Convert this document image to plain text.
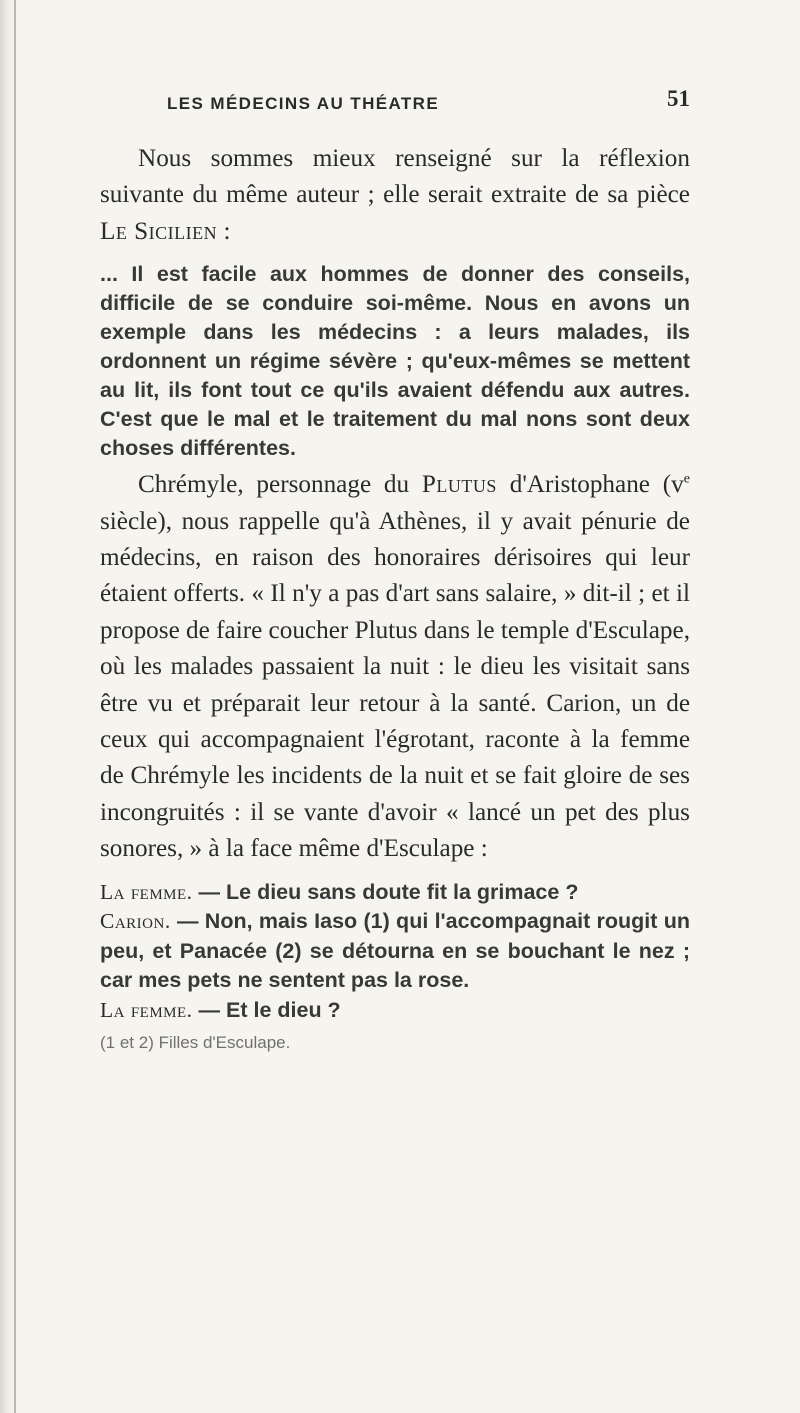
LES MÉDECINS AU THÉATRE	51

Nous sommes mieux renseigné sur la réflexion suivante du même auteur ; elle serait extraite de sa pièce Le Sicilien :

... Il est facile aux hommes de donner des conseils, difficile de se conduire soi-même. Nous en avons un exemple dans les médecins : a leurs malades, ils ordonnent un régime sévère ; qu'eux-mêmes se mettent au lit, ils font tout ce qu'ils avaient défendu aux autres. C'est que le mal et le traitement du mal nons sont deux choses différentes.

Chrémyle, personnage du Plutus d'Aristophane ($v^e$ siècle), nous rappelle qu'à Athènes, il y avait pénurie de médecins, en raison des honoraires dérisoires qui leur étaient offerts. « Il n'y a pas d'art sans salaire, » dit-il ; et il propose de faire coucher Plutus dans le temple d'Esculape, où les malades passaient la nuit : le dieu les visitait sans être vu et préparait leur retour à la santé. Carion, un de ceux qui accompagnaient l'égrotant, raconte à la femme de Chrémyle les incidents de la nuit et se fait gloire de ses incongruités : il se vante d'avoir « lancé un pet des plus sonores, » à la face même d'Esculape :

La femme. — Le dieu sans doute fit la grimace ?

Carion. — Non, mais Iaso (1) qui l'accompagnait rougit un peu, et Panacée (2) se détourna en se bouchant le nez ; car mes pets ne sentent pas la rose.

La femme. — Et le dieu ?

(1 et 2) Filles d'Esculape.
